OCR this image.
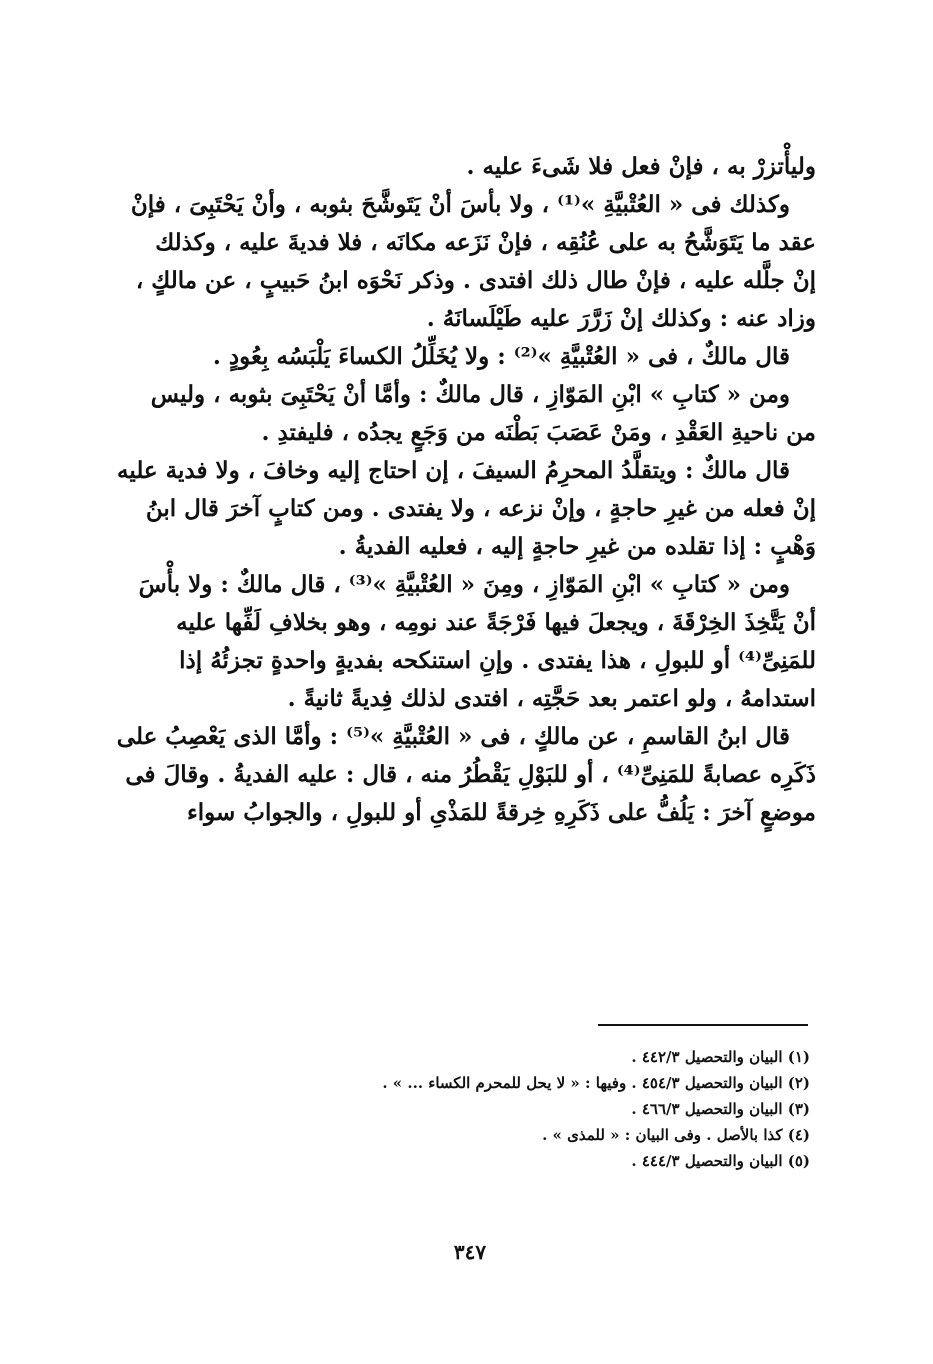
وليأْتزرْ به ، فإنْ فعل فلا شَىءَ عليه .
وكذلك فى « العُتْبيَّةِ »⁽¹⁾ ، ولا بأسَ أنْ يَتَوشَّحَ بثوبه ، وأنْ يَحْتَبِىَ ، فإنْ
عقد ما يَتَوَشَّحُ به على عُنُقِه ، فإنْ نَزَعه مكانَه ، فلا فديةَ عليه ، وكذلك
إنْ جلَّله عليه ، فإنْ طال ذلك افتدى . وذكر نَحْوَه ابنُ حَبيبٍ ، عن مالكٍ ،
وزاد عنه : وكذلك إنْ زَرَّرَ عليه طَيْلَسانَهُ .
قال مالكٌ ، فى « العُتْبيَّةِ »⁽²⁾ : ولا يُخَلِّلُ الكساءَ يَلْبَسُه بِعُودٍ .
ومن « كتابِ » ابْنِ المَوّازِ ، قال مالكٌ : وأمَّا أنْ يَحْتَبِىَ بثوبه ، وليس
من ناحيةِ العَقْدِ ، ومَنْ عَصَبَ بَطْنَه من وَجَعٍ يجدُه ، فليفتدِ .
قال مالكٌ : ويتقلَّدُ المحرِمُ السيفَ ، إن احتاج إليه وخافَ ، ولا فدية عليه
إنْ فعله من غيرِ حاجةٍ ، وإنْ نزعه ، ولا يفتدى . ومن كتابٍ آخرَ قال ابنُ
وَهْبٍ : إذا تقلده من غيرِ حاجةٍ إليه ، فعليه الفديةُ .
ومن « كتابِ » ابْنِ المَوّازِ ، ومِنَ « العُتْبيَّةِ »⁽³⁾ ، قال مالكٌ : ولا بأْسَ
أنْ يَتَّخِذَ الخِرْقَةَ ، ويجعلَ فيها فَرْجَةً عند نومِه ، وهو بخلافِ لَفِّها عليه
للمَنِىِّ⁽⁴⁾ أو للبولِ ، هذا يفتدى . وإنِ استنكحه بفديةٍ واحدةٍ تجزئُهُ إذا
استدامهُ ، ولو اعتمر بعد حَجَّتِه ، افتدى لذلك فِديةً ثانيةً .
قال ابنُ القاسمِ ، عن مالكٍ ، فى « العُتْبيَّةِ »⁽⁵⁾ : وأمَّا الذى يَعْصِبُ على
ذَكَرِه عصابةً للمَنِىِّ⁽⁴⁾ ، أو للبَوْلِ يَقْطُرُ منه ، قال : عليه الفديةُ . وقالَ فى
موضعٍ آخرَ : يَلُفُّ على ذَكَرِهِ خِرقةً للمَذْىِ أو للبولِ ، والجوابُ سواء
(١) البيان والتحصيل ٤٤٢/٣ .
(٢) البيان والتحصيل ٤٥٤/٣ . وفيها : « لا يحل للمحرم الكساء ... » .
(٣) البيان والتحصيل ٤٦٦/٣ .
(٤) كذا بالأصل . وفى البيان : « للمذى » .
(٥) البيان والتحصيل ٤٤٤/٣ .
٣٤٧
